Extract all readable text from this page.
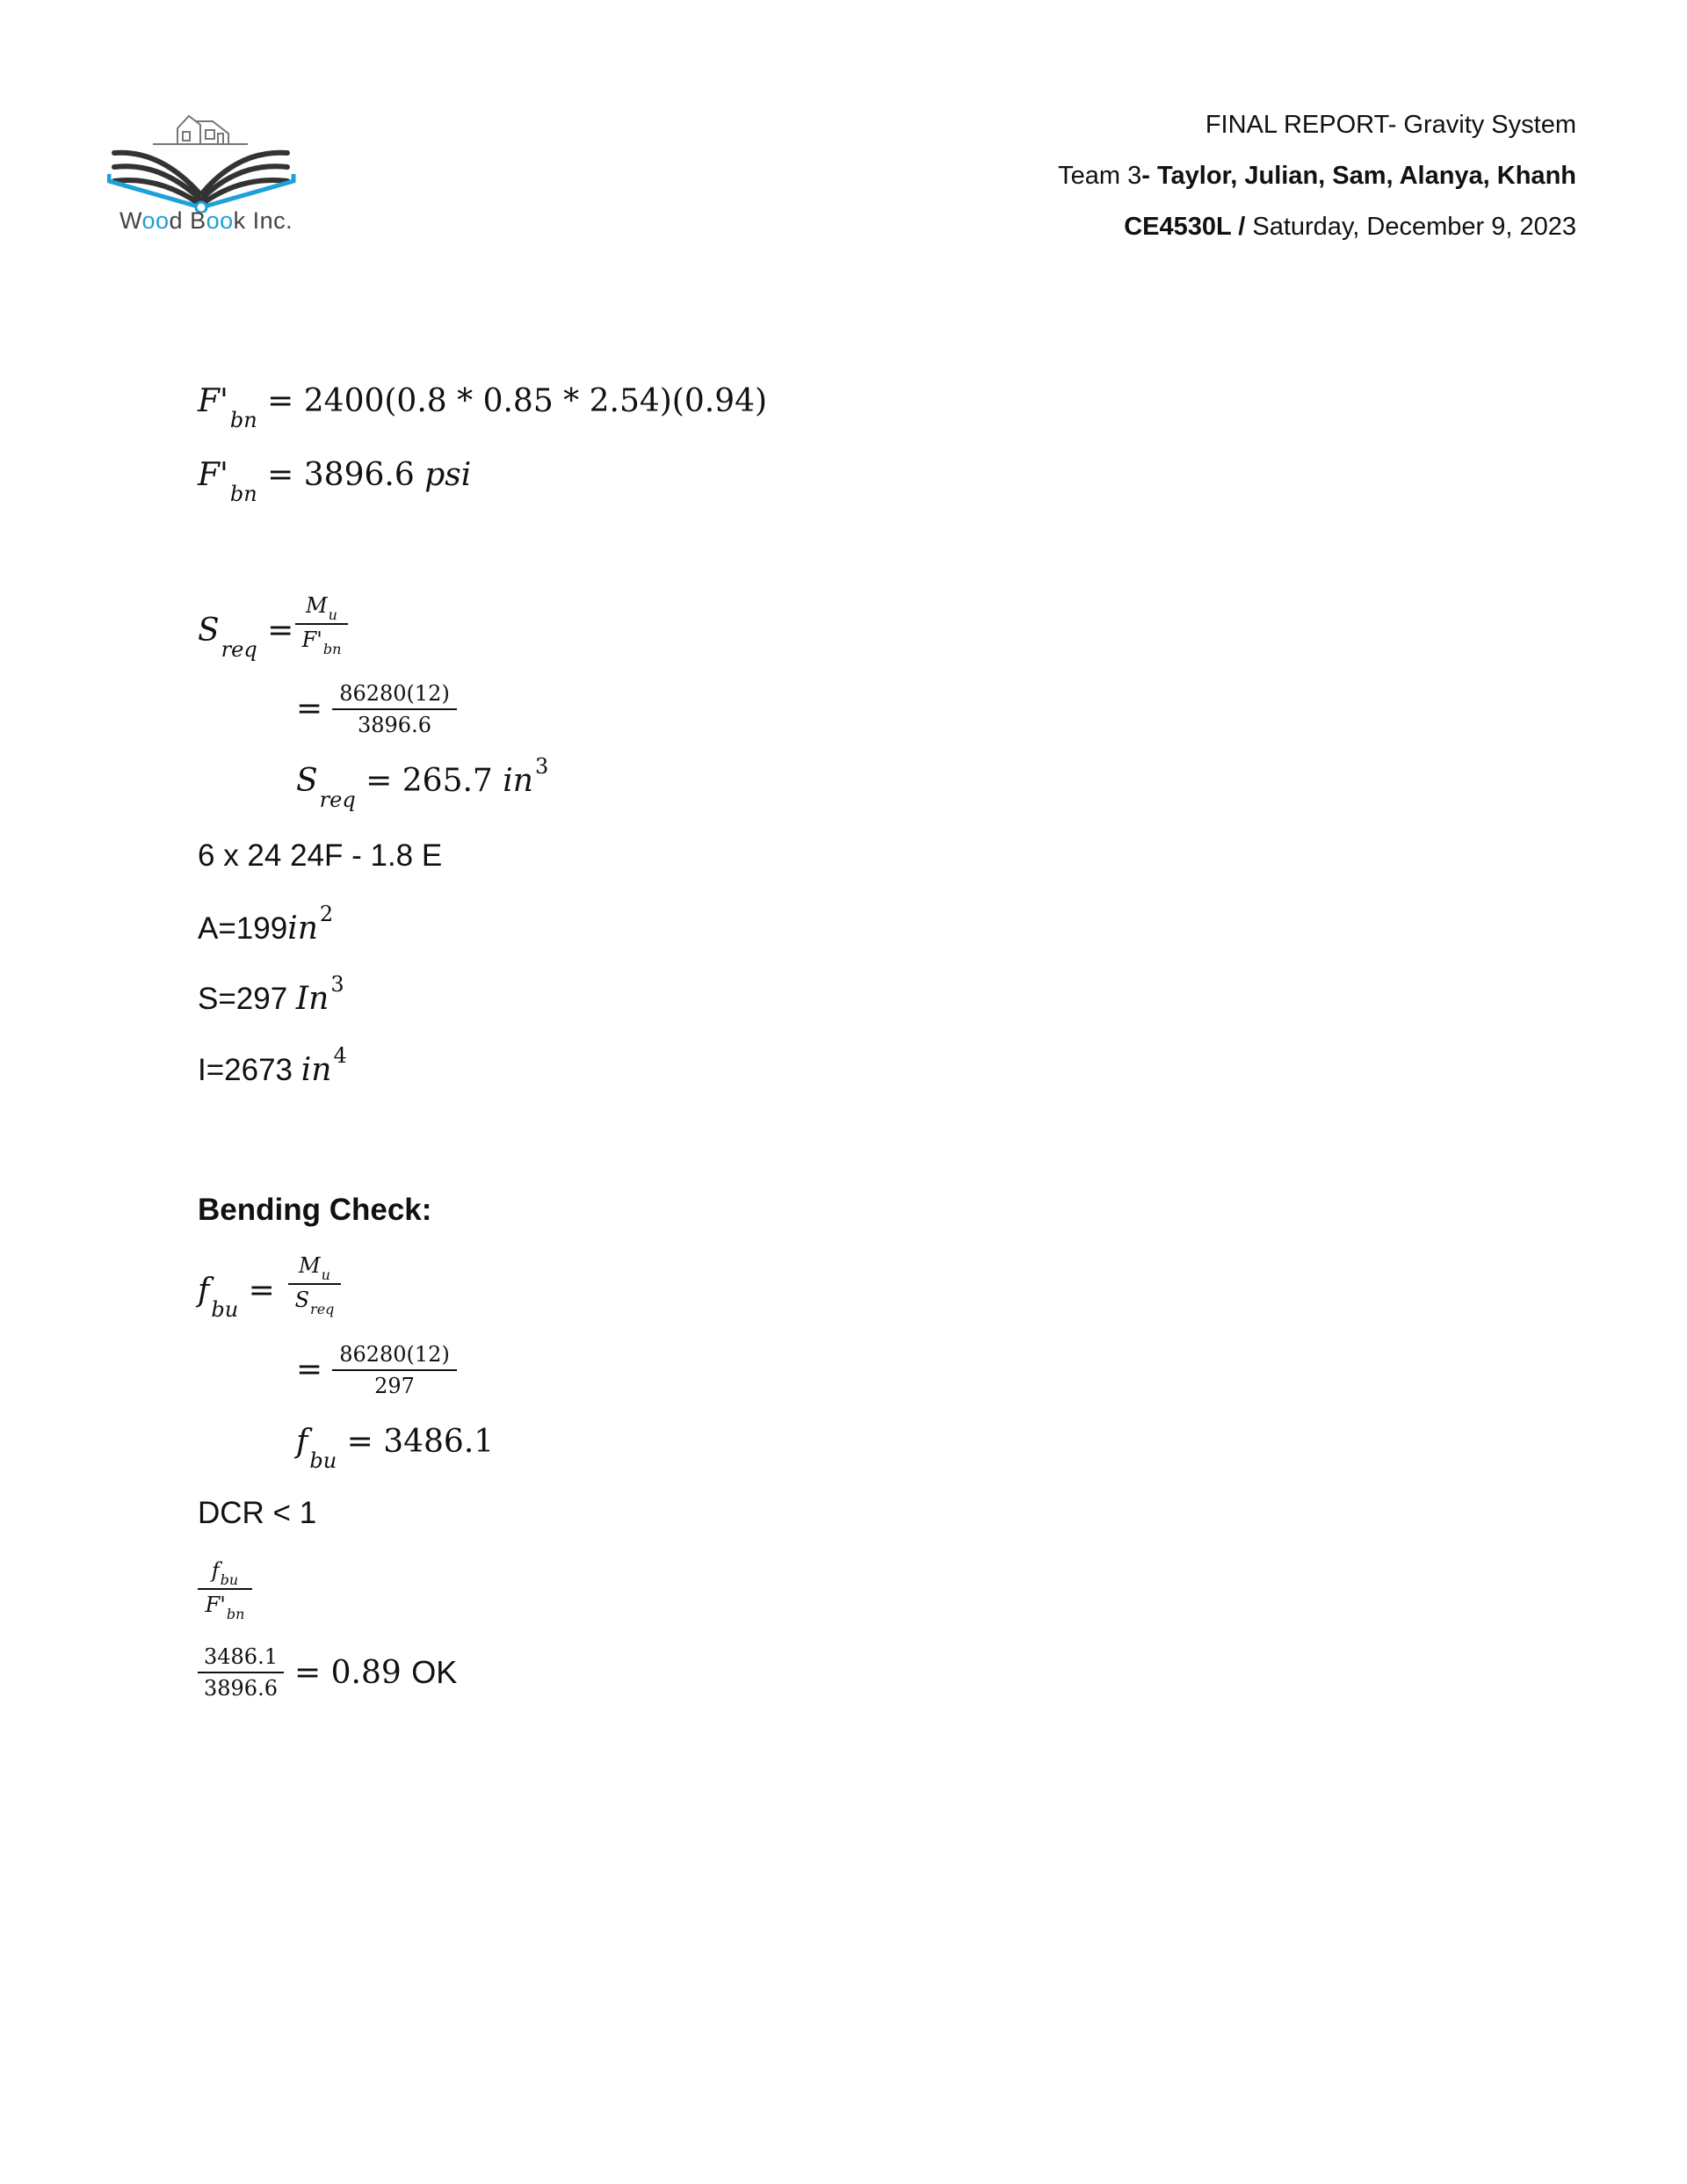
Wood Book Inc.
FINAL REPORT- Gravity System
Team 3- Taylor, Julian, Sam, Alanya, Khanh
CE4530L / Saturday, December 9, 2023
$F'_{bn} = 2400(0.8 * 0.85 * 2.54)(0.94)$
$F'_{bn} = 3896.6$ psi
$S_{req}$ =
$M_u$
$F'_{bn}$
= 86280(12)
3896.6
$S_{req} = 265.7$ $in^3$
6 x 24 24F - 1.8 E
$A=199in^2$
S=297 In$^3$
I=2673 $in^4$
Bending Check:
$f_{bu}$ =
$M_u$
$S_{req}$
= 86280(12)
297
$f_{bu} = 3486.1$
DCR < 1
$f_{bu}$
$F'_{bn}$
3486.1
3896.6 = 0.89 OK
